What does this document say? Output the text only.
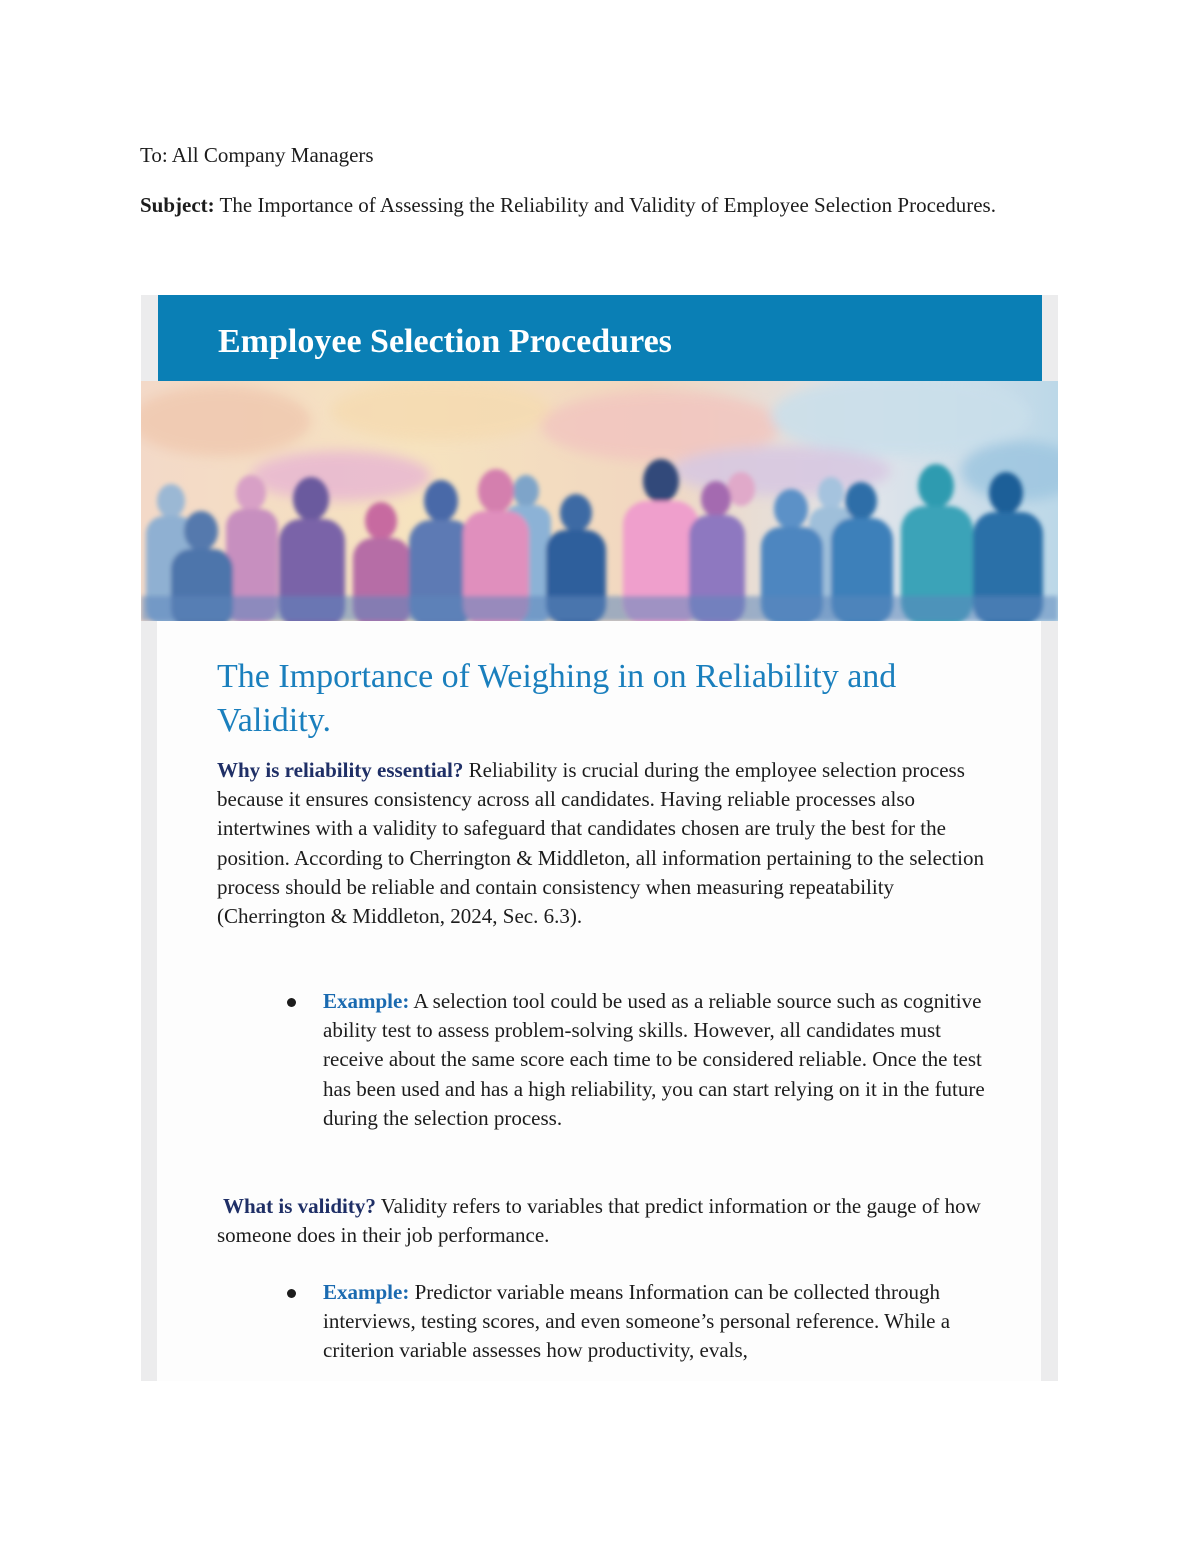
To: All Company Managers

Subject: The Importance of Assessing the Reliability and Validity of Employee Selection Procedures.

Employee Selection Procedures
The Importance of Weighing in on Reliability and Validity.

Why is reliability essential? Reliability is crucial during the employee selection process because it ensures consistency across all candidates. Having reliable processes also intertwines with a validity to safeguard that candidates chosen are truly the best for the position. According to Cherrington & Middleton, all information pertaining to the selection process should be reliable and contain consistency when measuring repeatability (Cherrington & Middleton, 2024, Sec. 6.3).

Example: A selection tool could be used as a reliable source such as cognitive ability test to assess problem-solving skills. However, all candidates must receive about the same score each time to be considered reliable. Once the test has been used and has a high reliability, you can start relying on it in the future during the selection process.

What is validity? Validity refers to variables that predict information or the gauge of how someone does in their job performance.

Example: Predictor variable means Information can be collected through interviews, testing scores, and even someone’s personal reference. While a criterion variable assesses how productivity, evals,
